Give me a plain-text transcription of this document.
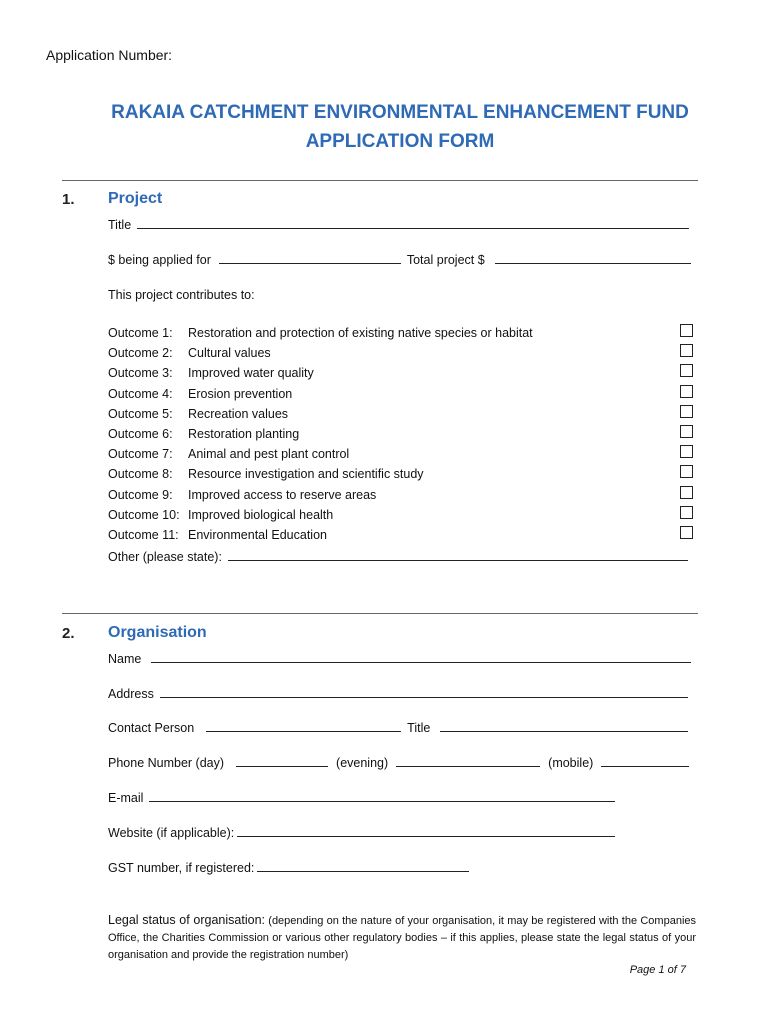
Application Number:
RAKAIA CATCHMENT ENVIRONMENTAL ENHANCEMENT FUND
APPLICATION FORM
1. Project
Title
$ being applied for	Total project $
This project contributes to:
Outcome 1:	Restoration and protection of existing native species or habitat
Outcome 2:	Cultural values
Outcome 3:	Improved water quality
Outcome 4:	Erosion prevention
Outcome 5:	Recreation values
Outcome 6:	Restoration planting
Outcome 7:	Animal and pest plant control
Outcome 8:	Resource investigation and scientific study
Outcome 9:	Improved access to reserve areas
Outcome 10: Improved biological health
Outcome 11: Environmental Education
Other (please state):
2. Organisation
Name
Address
Contact Person	Title
Phone Number (day)	(evening)	(mobile)
E-mail
Website (if applicable):
GST number, if registered:
Legal status of organisation: (depending on the nature of your organisation, it may be registered with the Companies Office, the Charities Commission or various other regulatory bodies – if this applies, please state the legal status of your organisation and provide the registration number)
Page 1 of 7
